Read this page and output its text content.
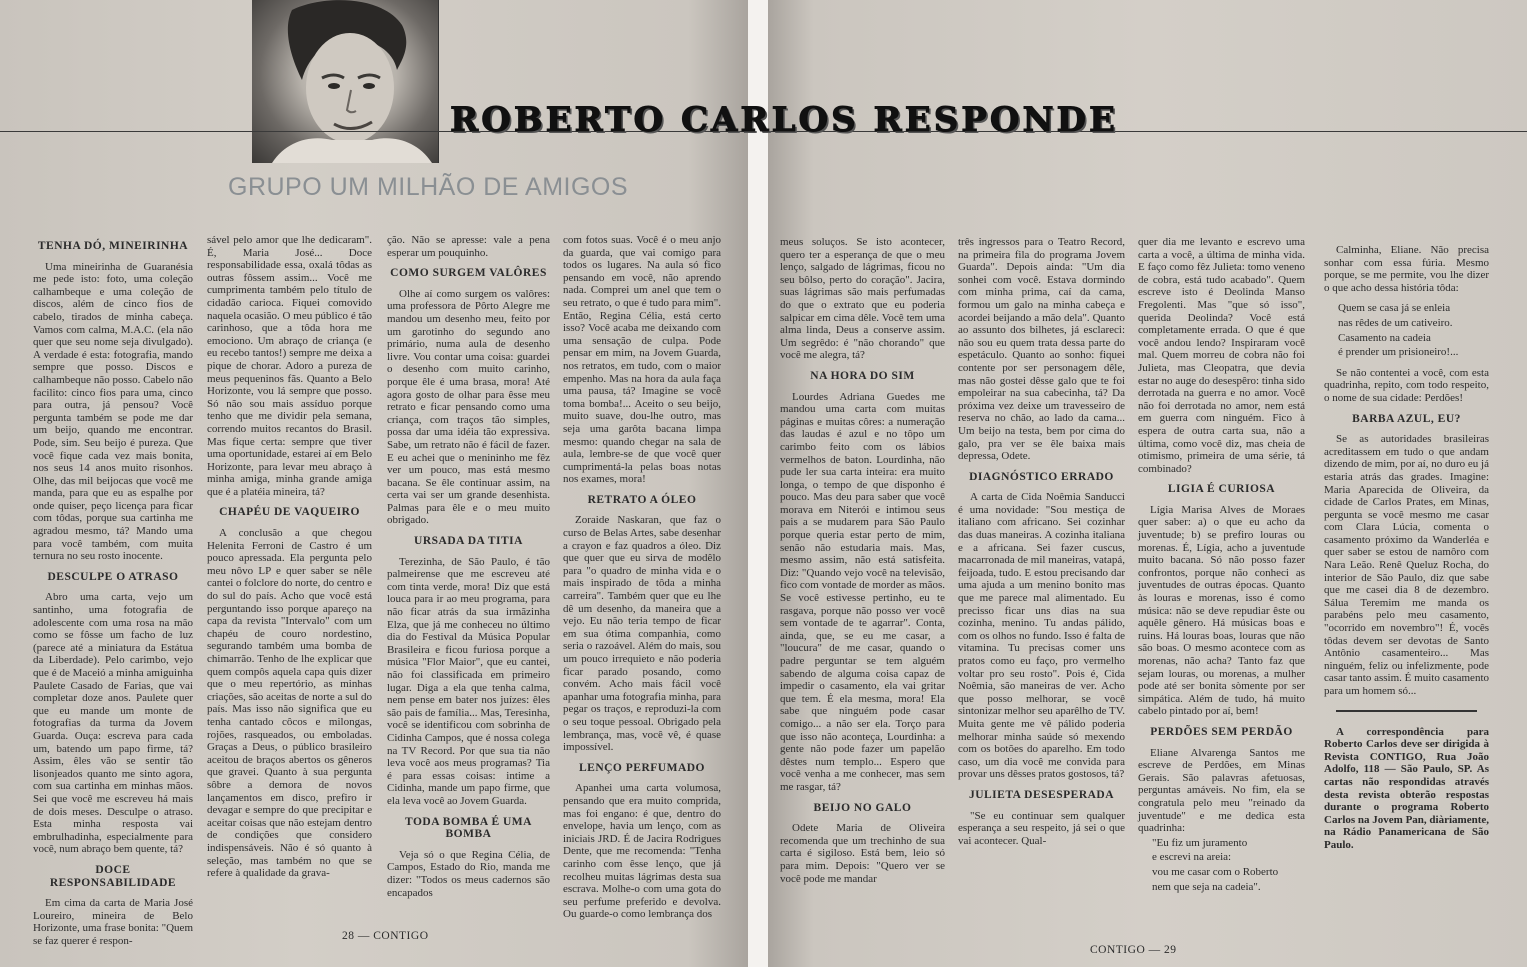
GRUPO UM MILHÃO DE AMIGOS
TENHA DÓ, MINEIRINHA

Uma mineirinha de Guaranésia me pede isto: foto, uma coleção calhambeque e uma coleção de discos, além de cinco fios de cabelo, tirados de minha cabeça. Vamos com calma, M.A.C. (ela não quer que seu nome seja divulgado). A verdade é esta: fotografia, mando sempre que posso. Discos e calhambeque não posso. Cabelo não facilito: cinco fios para uma, cinco para outra, já pensou? Você pergunta também se pode me dar um beijo, quando me encontrar. Pode, sim. Seu beijo é pureza. Que você fique cada vez mais bonita, nos seus 14 anos muito risonhos. Olhe, das mil beijocas que você me manda, para que eu as espalhe por onde quiser, peço licença para ficar com tôdas, porque sua cartinha me agradou mesmo, tá? Mando uma para você também, com muita ternura no seu rosto inocente.

DESCULPE O ATRASO

Abro uma carta, vejo um santinho, uma fotografia de adolescente com uma rosa na mão como se fôsse um facho de luz (parece até a miniatura da Estátua da Liberdade). Pelo carimbo, vejo que é de Maceió a minha amiguinha Paulete Casado de Farias, que vai completar doze anos. Paulete quer que eu mande um monte de fotografias da turma da Jovem Guarda. Ouça: escreva para cada um, batendo um papo firme, tá? Assim, êles vão se sentir tão lisonjeados quanto me sinto agora, com sua cartinha em minhas mãos. Sei que você me escreveu há mais de dois meses. Desculpe o atraso. Esta minha resposta vai embrulhadinha, especialmente para você, num abraço bem quente, tá?

DOCE RESPONSABILIDADE

Em cima da carta de Maria José Loureiro, mineira de Belo Horizonte, uma frase bonita: "Quem se faz querer é respon-

sável pelo amor que lhe dedicaram". É, Maria José... Doce responsabilidade essa, oxalá tôdas as outras fôssem assim... Você me cumprimenta também pelo título de cidadão carioca. Fiquei comovido naquela ocasião. O meu público é tão carinhoso, que a tôda hora me emociono. Um abraço de criança (e eu recebo tantos!) sempre me deixa a pique de chorar. Adoro a pureza de meus pequeninos fãs. Quanto a Belo Horizonte, vou lá sempre que posso. Só não sou mais assíduo porque tenho que me dividir pela semana, correndo muitos recantos do Brasil. Mas fique certa: sempre que tiver uma oportunidade, estarei aí em Belo Horizonte, para levar meu abraço à minha amiga, minha grande amiga que é a platéia mineira, tá?

CHAPÉU DE VAQUEIRO

A conclusão a que chegou Helenita Ferroni de Castro é um pouco apressada. Ela pergunta pelo meu nôvo LP e quer saber se nêle cantei o folclore do norte, do centro e do sul do país. Acho que você está perguntando isso porque apareço na capa da revista "Intervalo" com um chapéu de couro nordestino, segurando também uma bomba de chimarrão. Tenho de lhe explicar que quem compôs aquela capa quis dizer que o meu repertório, as minhas criações, são aceitas de norte a sul do país. Mas isso não significa que eu tenha cantado côcos e milongas, rojões, rasqueados, ou emboladas. Graças a Deus, o público brasileiro aceitou de braços abertos os gêneros que gravei. Quanto à sua pergunta sôbre a demora de novos lançamentos em disco, prefiro ir devagar e sempre do que precipitar e aceitar coisas que não estejam dentro de condições que considero indispensáveis. Não é só quanto à seleção, mas também no que se refere à qualidade da grava-

ção. Não se apresse: vale a pena esperar um pouquinho.

COMO SURGEM VALÔRES

Olhe aí como surgem os valôres: uma professora de Pôrto Alegre me mandou um desenho meu, feito por um garotinho do segundo ano primário, numa aula de desenho livre. Vou contar uma coisa: guardei o desenho com muito carinho, porque êle é uma brasa, mora! Até agora gosto de olhar para êsse meu retrato e ficar pensando como uma criança, com traços tão simples, possa dar uma idéia tão expressiva. Sabe, um retrato não é fácil de fazer. E eu achei que o menininho me fêz ver um pouco, mas está mesmo bacana. Se êle continuar assim, na certa vai ser um grande desenhista. Palmas para êle e o meu muito obrigado.

URSADA DA TITIA

Terezinha, de São Paulo, é tão palmeirense que me escreveu até com tinta verde, mora! Diz que está louca para ir ao meu programa, para não ficar atrás da sua irmãzinha Elza, que já me conheceu no último dia do Festival da Música Popular Brasileira e ficou furiosa porque a música "Flor Maior", que eu cantei, não foi classificada em primeiro lugar. Diga a ela que tenha calma, nem pense em bater nos juízes: êles são pais de família... Mas, Teresinha, você se identificou com sobrinha de Cidinha Campos, que é nossa colega na TV Record. Por que sua tia não leva você aos meus programas? Tia é para essas coisas: intime a Cidinha, mande um papo firme, que ela leva você ao Jovem Guarda.

TODA BOMBA É UMA BOMBA

Veja só o que Regina Célia, de Campos, Estado do Rio, manda me dizer: "Todos os meus cadernos são encapados

com fotos suas. Você é o meu anjo da guarda, que vai comigo para todos os lugares. Na aula só fico pensando em você, não aprendo nada. Comprei um anel que tem o seu retrato, o que é tudo para mim". Então, Regina Célia, está certo isso? Você acaba me deixando com uma sensação de culpa. Pode pensar em mim, na Jovem Guarda, nos retratos, em tudo, com o maior empenho. Mas na hora da aula faça uma pausa, tá? Imagine se você toma bomba!... Aceito o seu beijo, muito suave, dou-lhe outro, mas seja uma garôta bacana limpa mesmo: quando chegar na sala de aula, lembre-se de que você quer cumprimentá-la pelas boas notas nos exames, mora!

RETRATO A ÓLEO

Zoraide Naskaran, que faz o curso de Belas Artes, sabe desenhar a crayon e faz quadros a óleo. Diz que quer que eu sirva de modêlo para "o quadro de minha vida e o mais inspirado de tôda a minha carreira". Também quer que eu lhe dê um desenho, da maneira que a vejo. Eu não teria tempo de ficar em sua ótima companhia, como seria o razoável. Além do mais, sou um pouco irrequieto e não poderia ficar parado posando, como convém. Acho mais fácil você apanhar uma fotografia minha, para pegar os traços, e reproduzi-la com o seu toque pessoal. Obrigado pela lembrança, mas, você vê, é quase impossível.

LENÇO PERFUMADO

Apanhei uma carta volumosa, pensando que era muito comprida, mas foi engano: é que, dentro do envelope, havia um lenço, com as iniciais JRD. É de Jacira Rodrigues Dente, que me recomenda: "Tenha carinho com êsse lenço, que já recolheu muitas lágrimas desta sua escrava. Molhe-o com uma gota do seu perfume preferido e devolva. Ou guarde-o como lembrança dos

28 — CONTIGO

meus soluços. Se isto acontecer, quero ter a esperança de que o meu lenço, salgado de lágrimas, ficou no seu bôlso, perto do coração". Jacira, suas lágrimas são mais perfumadas do que o extrato que eu poderia salpicar em cima dêle. Você tem uma alma linda, Deus a conserve assim. Um segrêdo: é "não chorando" que você me alegra, tá?

NA HORA DO SIM

Lourdes Adriana Guedes me mandou uma carta com muitas páginas e muitas côres: a numeração das laudas é azul e no tôpo um carimbo feito com os lábios vermelhos de baton. Lourdinha, não pude ler sua carta inteira: era muito longa, o tempo de que disponho é pouco. Mas deu para saber que você morava em Niterói e intimou seus pais a se mudarem para São Paulo porque queria estar perto de mim, senão não estudaria mais. Mas, mesmo assim, não está satisfeita. Diz: "Quando vejo você na televisão, fico com vontade de morder as mãos. Se você estivesse pertinho, eu te rasgava, porque não posso ver você sem vontade de te agarrar". Conta, ainda, que, se eu me casar, a "loucura" de me casar, quando o padre perguntar se tem alguém sabendo de alguma coisa capaz de impedir o casamento, ela vai gritar que tem. É ela mesma, mora! Ela sabe que ninguém pode casar comigo... a não ser ela. Torço para que isso não aconteça, Lourdinha: a gente não pode fazer um papelão dêstes num templo... Espero que você venha a me conhecer, mas sem me rasgar, tá?

BEIJO NO GALO

Odete Maria de Oliveira recomenda que um trechinho de sua carta é sigiloso. Está bem, leio só para mim. Depois: "Quero ver se você pode me mandar

três ingressos para o Teatro Record, na primeira fila do programa Jovem Guarda". Depois ainda: "Um dia sonhei com você. Estava dormindo com minha prima, caí da cama, formou um galo na minha cabeça e acordei beijando a mão dela". Quanto ao assunto dos bilhetes, já esclareci: não sou eu quem trata dessa parte do espetáculo. Quanto ao sonho: fiquei contente por ser personagem dêle, mas não gostei dêsse galo que te foi empoleirar na sua cabecinha, tá? Da próxima vez deixe um travesseiro de reserva no chão, ao lado da cama... Um beijo na testa, bem por cima do galo, pra ver se êle baixa mais depressa, Odete.

DIAGNÓSTICO ERRADO

A carta de Cida Noêmia Sanducci é uma novidade: "Sou mestiça de italiano com africano. Sei cozinhar das duas maneiras. A cozinha italiana e a africana. Sei fazer cuscus, macarronada de mil maneiras, vatapá, feijoada, tudo. E estou precisando dar uma ajuda a um menino bonito mas que me parece mal alimentado. Eu precisso ficar uns dias na sua cozinha, menino. Tu andas pálido, com os olhos no fundo. Isso é falta de vitamina. Tu precisas comer uns pratos como eu faço, pro vermelho voltar pro seu rosto". Pois é, Cida Noêmia, são maneiras de ver. Acho que posso melhorar, se você sintonizar melhor seu aparêlho de TV. Muita gente me vê pálido poderia melhorar minha saúde só mexendo com os botões do aparelho. Em todo caso, um dia você me convida para provar uns dêsses pratos gostosos, tá?

JULIETA DESESPERADA

"Se eu continuar sem qualquer esperança a seu respeito, já sei o que vai acontecer. Qual-

quer dia me levanto e escrevo uma carta a você, a última de minha vida. E faço como fêz Julieta: tomo veneno de cobra, está tudo acabado". Quem escreve isto é Deolinda Manso Fregolenti. Mas "que só isso", querida Deolinda? Você está completamente errada. O que é que você andou lendo? Inspiraram você mal. Quem morreu de cobra não foi Julieta, mas Cleopatra, que devia estar no auge do desespêro: tinha sido derrotada na guerra e no amor. Você não foi derrotada no amor, nem está em guerra com ninguém. Fico à espera de outra carta sua, não a última, como você diz, mas cheia de otimismo, primeira de uma série, tá combinado?

LIGIA É CURIOSA

Lígia Marisa Alves de Moraes quer saber: a) o que eu acho da juventude; b) se prefiro louras ou morenas. É, Lígia, acho a juventude muito bacana. Só não posso fazer confrontos, porque não conheci as juventudes de outras épocas. Quanto às louras e morenas, isso é como música: não se deve repudiar êste ou aquêle gênero. Há músicas boas e ruins. Há louras boas, louras que não são boas. O mesmo acontece com as morenas, não acha? Tanto faz que sejam louras, ou morenas, a mulher pode até ser bonita sòmente por ser simpática. Além de tudo, há muito cabelo pintado por aí, bem!

PERDÕES SEM PERDÃO

Eliane Alvarenga Santos me escreve de Perdões, em Minas Gerais. São palavras afetuosas, perguntas amáveis. No fim, ela se congratula pelo meu "reinado da juventude" e me dedica esta quadrinha:

"Eu fiz um juramento

e escrevi na areia:

vou me casar com o Roberto

nem que seja na cadeia".

Calminha, Eliane. Não precisa sonhar com essa fúria. Mesmo porque, se me permite, vou lhe dizer o que acho dessa história tôda:

Quem se casa já se enleia

nas rêdes de um cativeiro.

Casamento na cadeia

é prender um prisioneiro!...

Se não contentei a você, com esta quadrinha, repito, com todo respeito, o nome de sua cidade: Perdões!

BARBA AZUL, EU?

Se as autoridades brasileiras acreditassem em tudo o que andam dizendo de mim, por aí, no duro eu já estaria atrás das grades. Imagine: Maria Aparecida de Oliveira, da cidade de Carlos Prates, em Minas, pergunta se você mesmo me casar com Clara Lúcia, comenta o casamento próximo da Wanderléa e quer saber se estou de namôro com Nara Leão. Renê Queluz Rocha, do interior de São Paulo, diz que sabe que me casei dia 8 de dezembro. Sálua Teremim me manda os parabéns pelo meu casamento, "ocorrido em novembro"! É, vocês tôdas devem ser devotas de Santo Antônio casamenteiro... Mas ninguém, feliz ou infelizmente, pode casar tanto assim. É muito casamento para um homem só...

A correspondência para Roberto Carlos deve ser dirigida à Revista CONTIGO, Rua João Adolfo, 118 — São Paulo, SP. As cartas não respondidas através desta revista obterão respostas durante o programa Roberto Carlos na Jovem Pan, diàriamente, na Rádio Panamericana de São Paulo.

CONTIGO — 29
ROBERTO CARLOS RESPONDE
